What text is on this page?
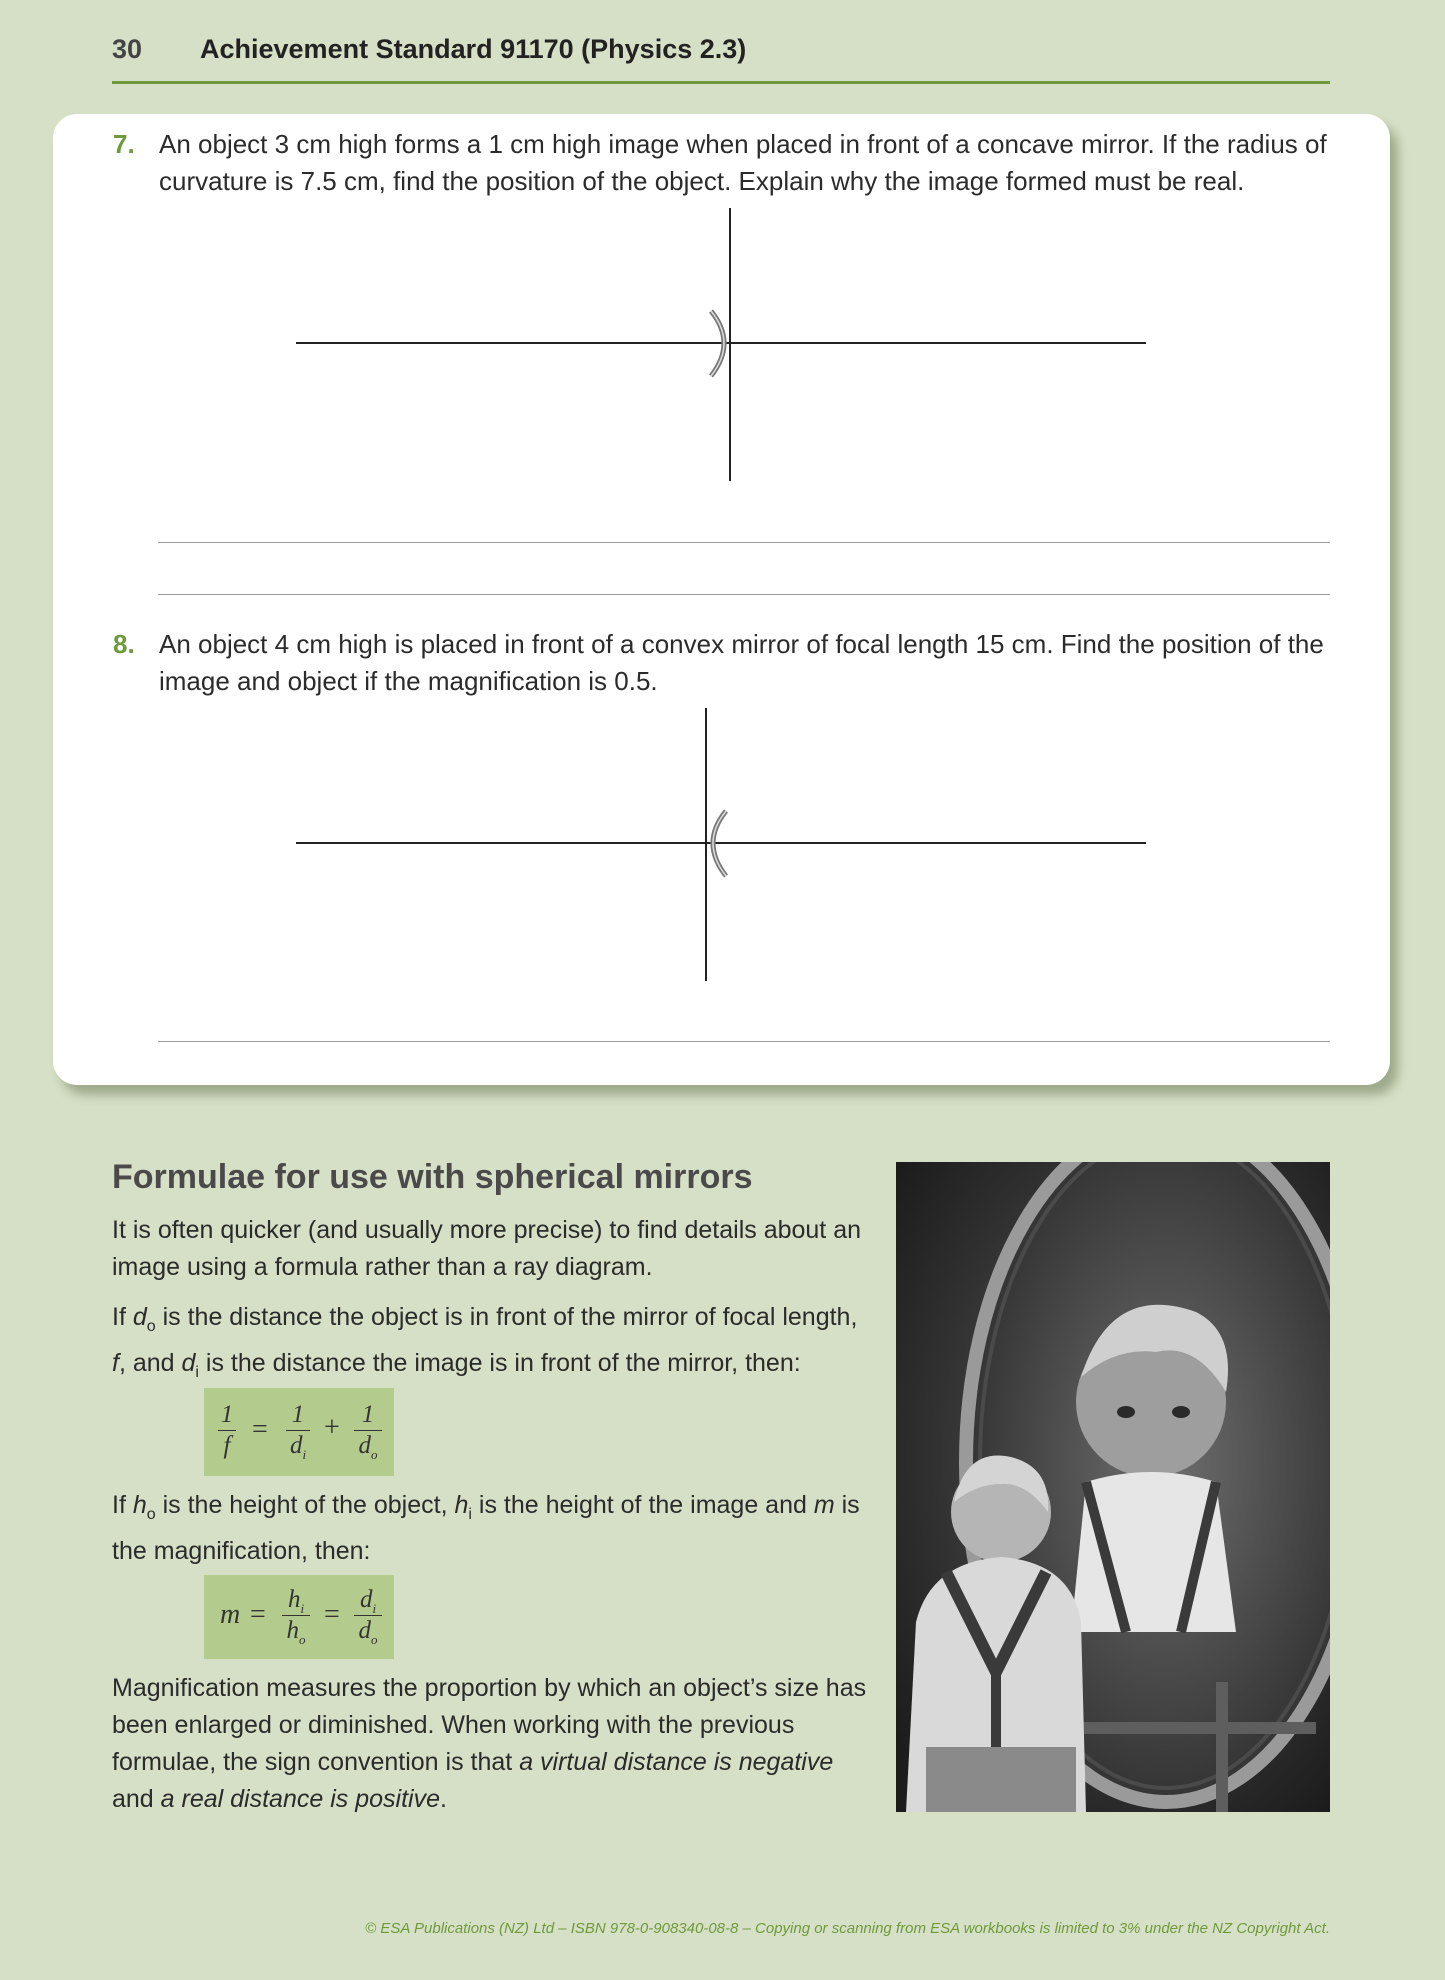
30 Achievement Standard 91170 (Physics 2.3)
7. An object 3 cm high forms a 1 cm high image when placed in front of a concave mirror. If the radius of curvature is 7.5 cm, find the position of the object. Explain why the image formed must be real.
8. An object 4 cm high is placed in front of a convex mirror of focal length 15 cm. Find the position of the image and object if the magnification is 0.5.
Formulae for use with spherical mirrors

It is often quicker (and usually more precise) to find details about an image using a formula rather than a ray diagram.

If $d_o$ is the distance the object is in front of the mirror of focal length, f, and $d_i$ is the distance the image is in front of the mirror, then:

1
f
= 1
$d_i$
+ 1
$d_o$

If $h_o$ is the height of the object, $h_i$ is the height of the image and m is the magnification, then:

$m = h_i$
$h_o$
= $d_i$
$d_o$

Magnification measures the proportion by which an object’s size has been enlarged or diminished. When working with the previous formulae, the sign convention is that a virtual distance is negative and a real distance is positive.

© ESA Publications (NZ) Ltd – ISBN 978-0-908340-08-8 – Copying or scanning from ESA workbooks is limited to 3% under the NZ Copyright Act.
